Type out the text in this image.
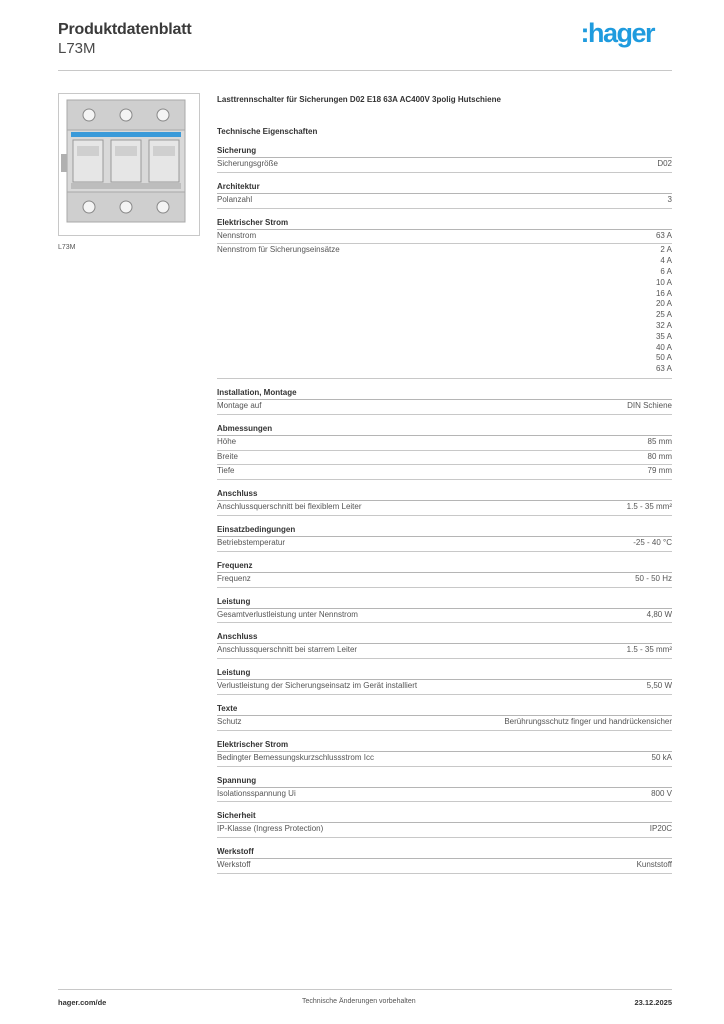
Produktdatenblatt
L73M
:hager
L73M
Lasttrennschalter für Sicherungen D02 E18 63A AC400V 3polig Hutschiene
Technische Eigenschaften
Sicherung
Sicherungsgröße	D02
Architektur
Polanzahl	3
Elektrischer Strom
Nennstrom	63 A
Nennstrom für Sicherungseinsätze	2 A
4 A
6 A
10 A
16 A
20 A
25 A
32 A
35 A
40 A
50 A
63 A
Installation, Montage
Montage auf	DIN Schiene
Abmessungen
Höhe	85 mm
Breite	80 mm
Tiefe	79 mm
Anschluss
Anschlussquerschnitt bei flexiblem Leiter	1.5 - 35 mm²
Einsatzbedingungen
Betriebstemperatur	-25 - 40 °C
Frequenz
Frequenz	50 - 50 Hz
Leistung
Gesamtverlustleistung unter Nennstrom	4,80 W
Anschluss
Anschlussquerschnitt bei starrem Leiter	1.5 - 35 mm²
Leistung
Verlustleistung der Sicherungseinsatz im Gerät installiert	5,50 W
Texte
Schutz	Berührungsschutz finger und handrückensicher
Elektrischer Strom
Bedingter Bemessungskurzschlussstrom Icc	50 kA
Spannung
Isolationsspannung Ui	800 V
Sicherheit
IP-Klasse (Ingress Protection)	IP20C
Werkstoff
Werkstoff	Kunststoff
hager.com/de	Technische Änderungen vorbehalten	23.12.2025
